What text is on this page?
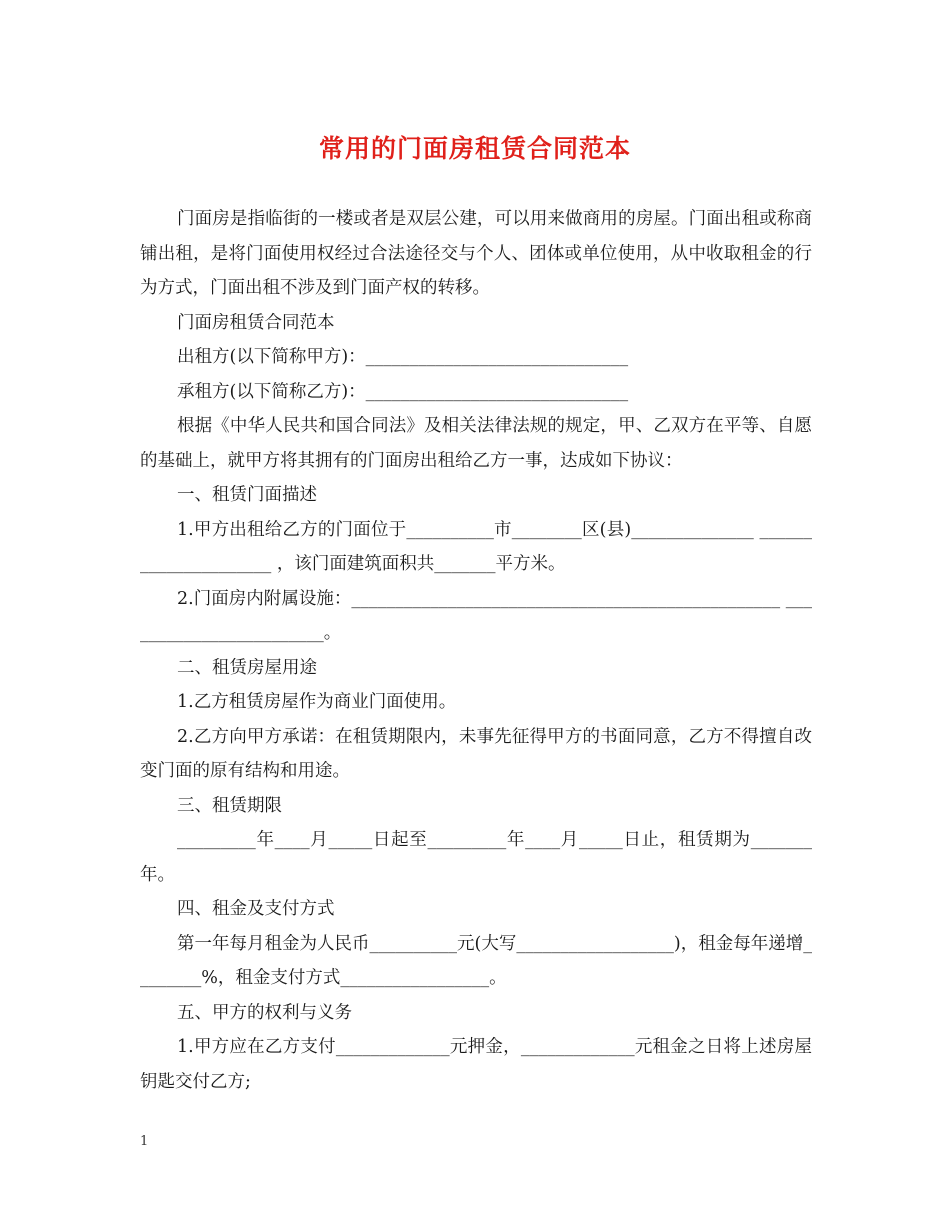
常用的门面房租赁合同范本

门面房是指临街的一楼或者是双层公建，可以用来做商用的房屋。门面出租或称商铺出租，是将门面使用权经过合法途径交与个人、团体或单位使用，从中收取租金的行为方式，门面出租不涉及到门面产权的转移。

门面房租赁合同范本

出租方(以下简称甲方)：______________________________

承租方(以下简称乙方)：______________________________

根据《中华人民共和国合同法》及相关法律法规的规定，甲、乙双方在平等、自愿的基础上，就甲方将其拥有的门面房出租给乙方一事，达成如下协议：

一、租赁门面描述

1.甲方出租给乙方的门面位于__________市________区(县)______________ _____________________ ，该门面建筑面积共_______平方米。

2.门面房内附属设施：_________________________________________________ ________________________。

二、租赁房屋用途

1.乙方租赁房屋作为商业门面使用。

2.乙方向甲方承诺：在租赁期限内，未事先征得甲方的书面同意，乙方不得擅自改变门面的原有结构和用途。

三、租赁期限

_________年____月_____日起至_________年____月_____日止，租赁期为_______年。

四、租金及支付方式

第一年每月租金为人民币__________元(大写__________________)，租金每年递增________%，租金支付方式_________________。

五、甲方的权利与义务

1.甲方应在乙方支付_____________元押金，_____________元租金之日将上述房屋钥匙交付乙方;

1
